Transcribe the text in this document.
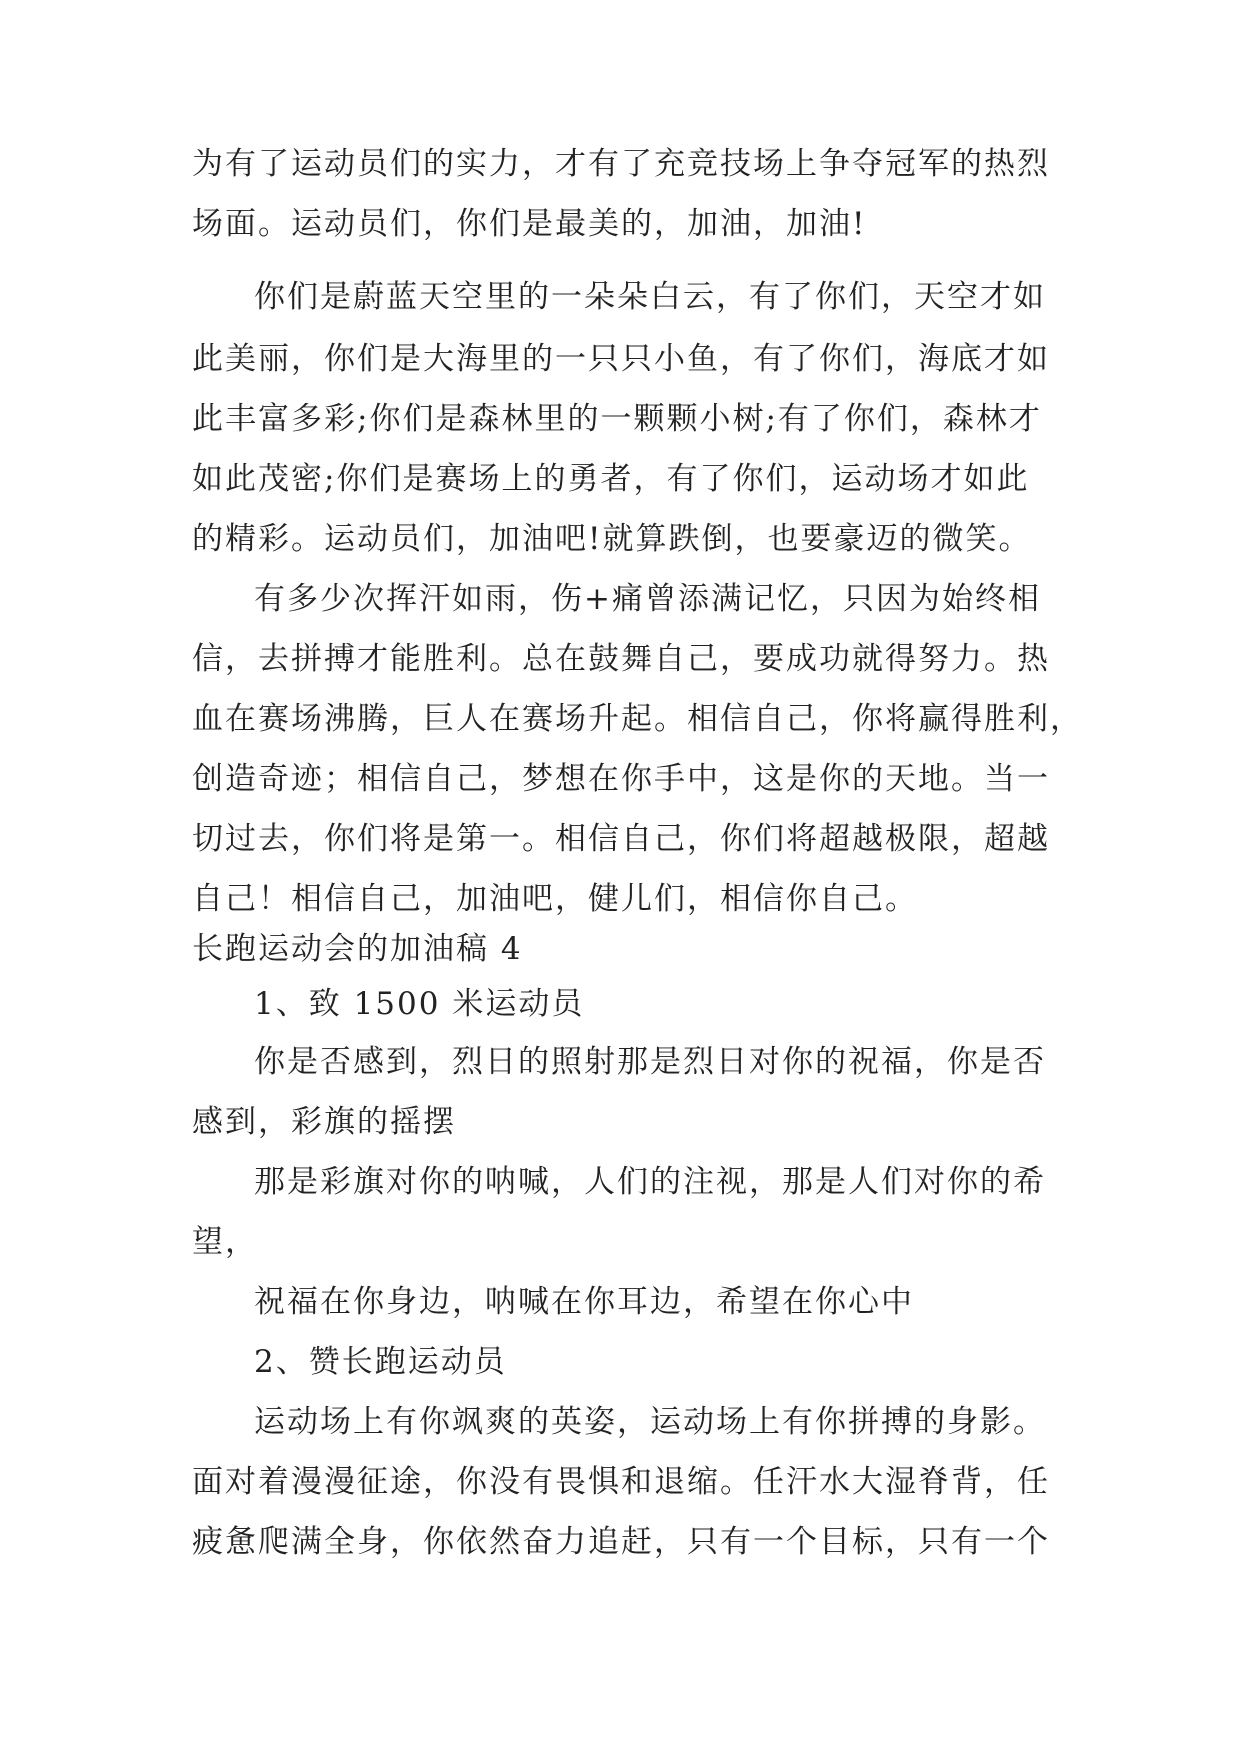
为有了运动员们的实力，才有了充竞技场上争夺冠军的热烈
场面。运动员们，你们是最美的，加油，加油!
你们是蔚蓝天空里的一朵朵白云，有了你们，天空才如
此美丽，你们是大海里的一只只小鱼，有了你们，海底才如
此丰富多彩;你们是森林里的一颗颗小树;有了你们，森林才
如此茂密;你们是赛场上的勇者，有了你们，运动场才如此
的精彩。运动员们，加油吧!就算跌倒，也要豪迈的微笑。
有多少次挥汗如雨，伤+痛曾添满记忆，只因为始终相
信，去拼搏才能胜利。总在鼓舞自己，要成功就得努力。热
血在赛场沸腾，巨人在赛场升起。相信自己，你将赢得胜利，
创造奇迹；相信自己，梦想在你手中，这是你的天地。当一
切过去，你们将是第一。相信自己，你们将超越极限，超越
自己！相信自己，加油吧，健儿们，相信你自己。
长跑运动会的加油稿 4
1、致 1500 米运动员
你是否感到，烈日的照射那是烈日对你的祝福，你是否
感到，彩旗的摇摆
那是彩旗对你的呐喊，人们的注视，那是人们对你的希
望，
祝福在你身边，呐喊在你耳边，希望在你心中
2、赞长跑运动员
运动场上有你飒爽的英姿，运动场上有你拼搏的身影。
面对着漫漫征途，你没有畏惧和退缩。任汗水大湿脊背，任
疲惫爬满全身，你依然奋力追赶，只有一个目标，只有一个
